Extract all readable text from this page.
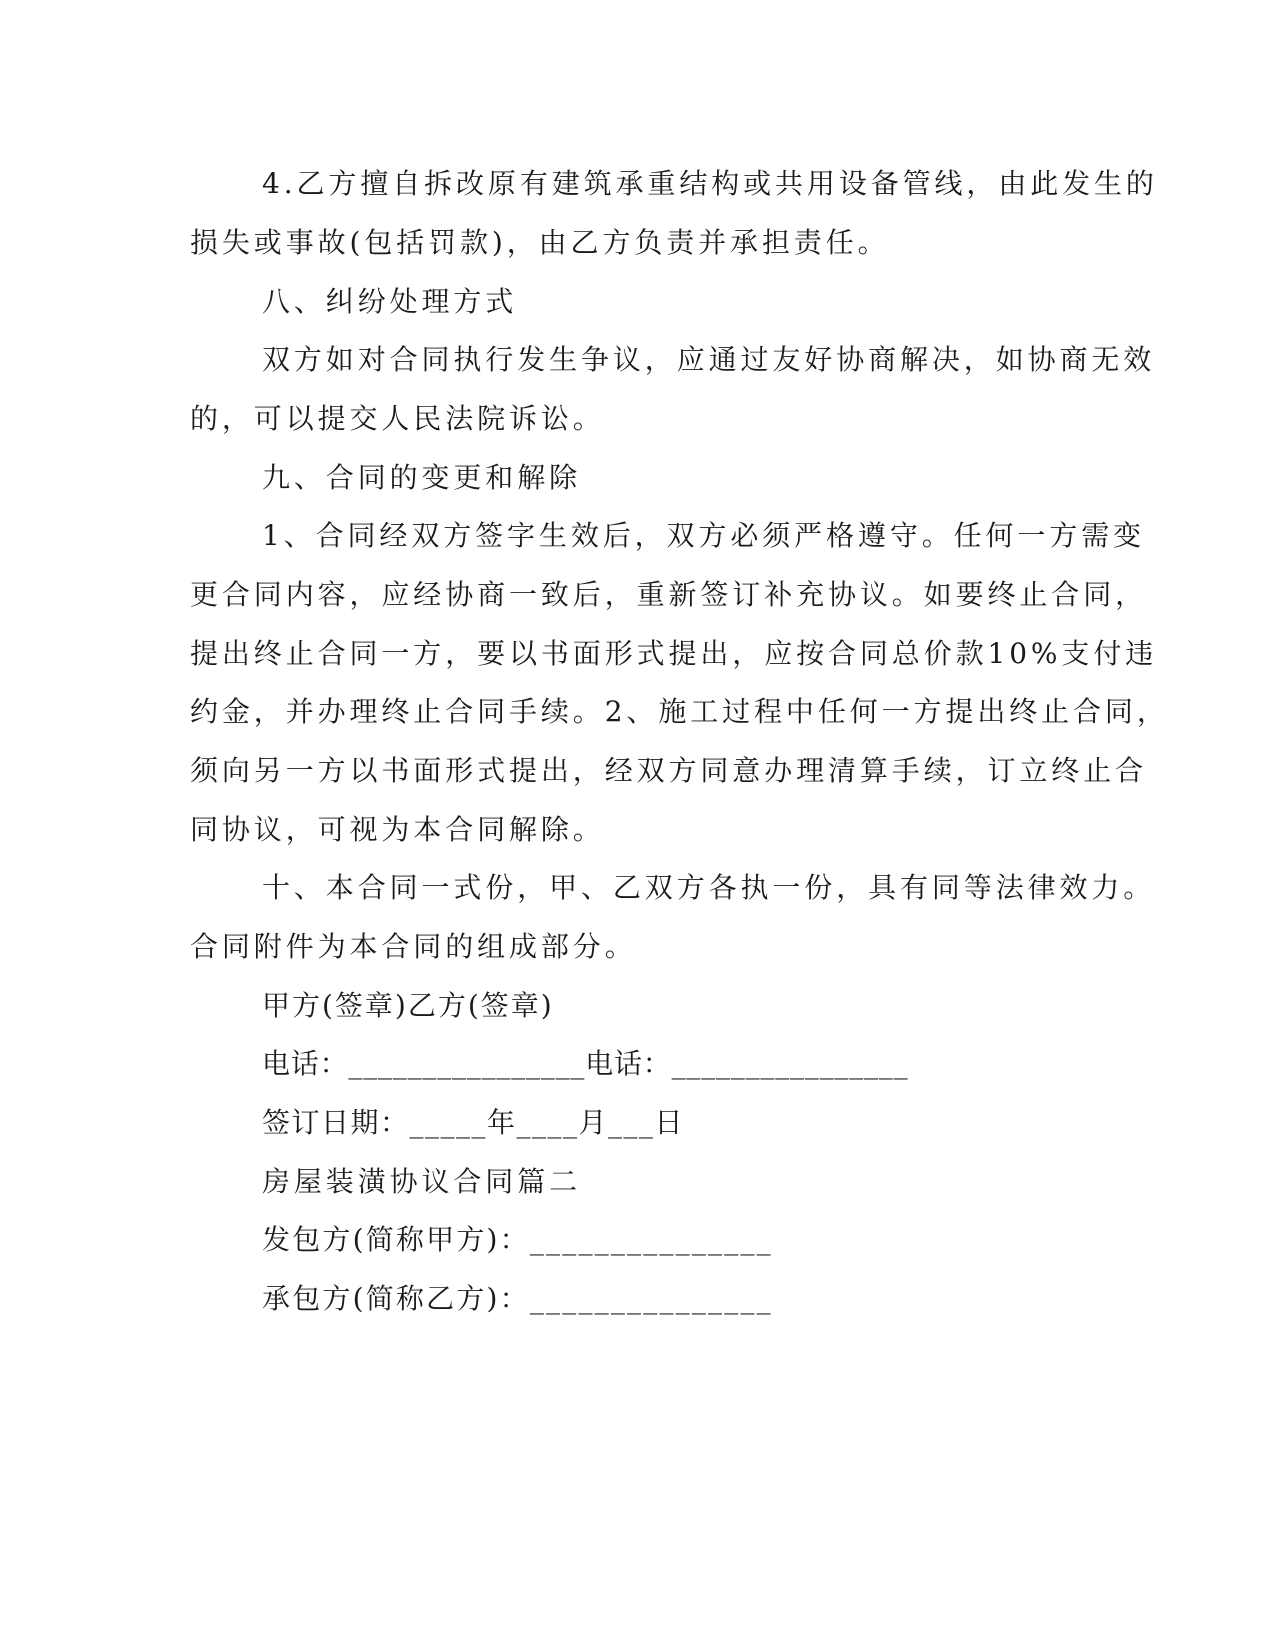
4.乙方擅自拆改原有建筑承重结构或共用设备管线，由此发生的
损失或事故(包括罚款)，由乙方负责并承担责任。
八、纠纷处理方式
双方如对合同执行发生争议，应通过友好协商解决，如协商无效
的，可以提交人民法院诉讼。
九、合同的变更和解除
1、合同经双方签字生效后，双方必须严格遵守。任何一方需变
更合同内容，应经协商一致后，重新签订补充协议。如要终止合同，
提出终止合同一方，要以书面形式提出，应按合同总价款10%支付违
约金，并办理终止合同手续。2、施工过程中任何一方提出终止合同，
须向另一方以书面形式提出，经双方同意办理清算手续，订立终止合
同协议，可视为本合同解除。
十、本合同一式份，甲、乙双方各执一份，具有同等法律效力。
合同附件为本合同的组成部分。
甲方(签章)乙方(签章)
电话：________________电话：________________
签订日期：_____年____月___日
房屋装潢协议合同篇二
发包方(简称甲方)：_______________
承包方(简称乙方)：_______________
